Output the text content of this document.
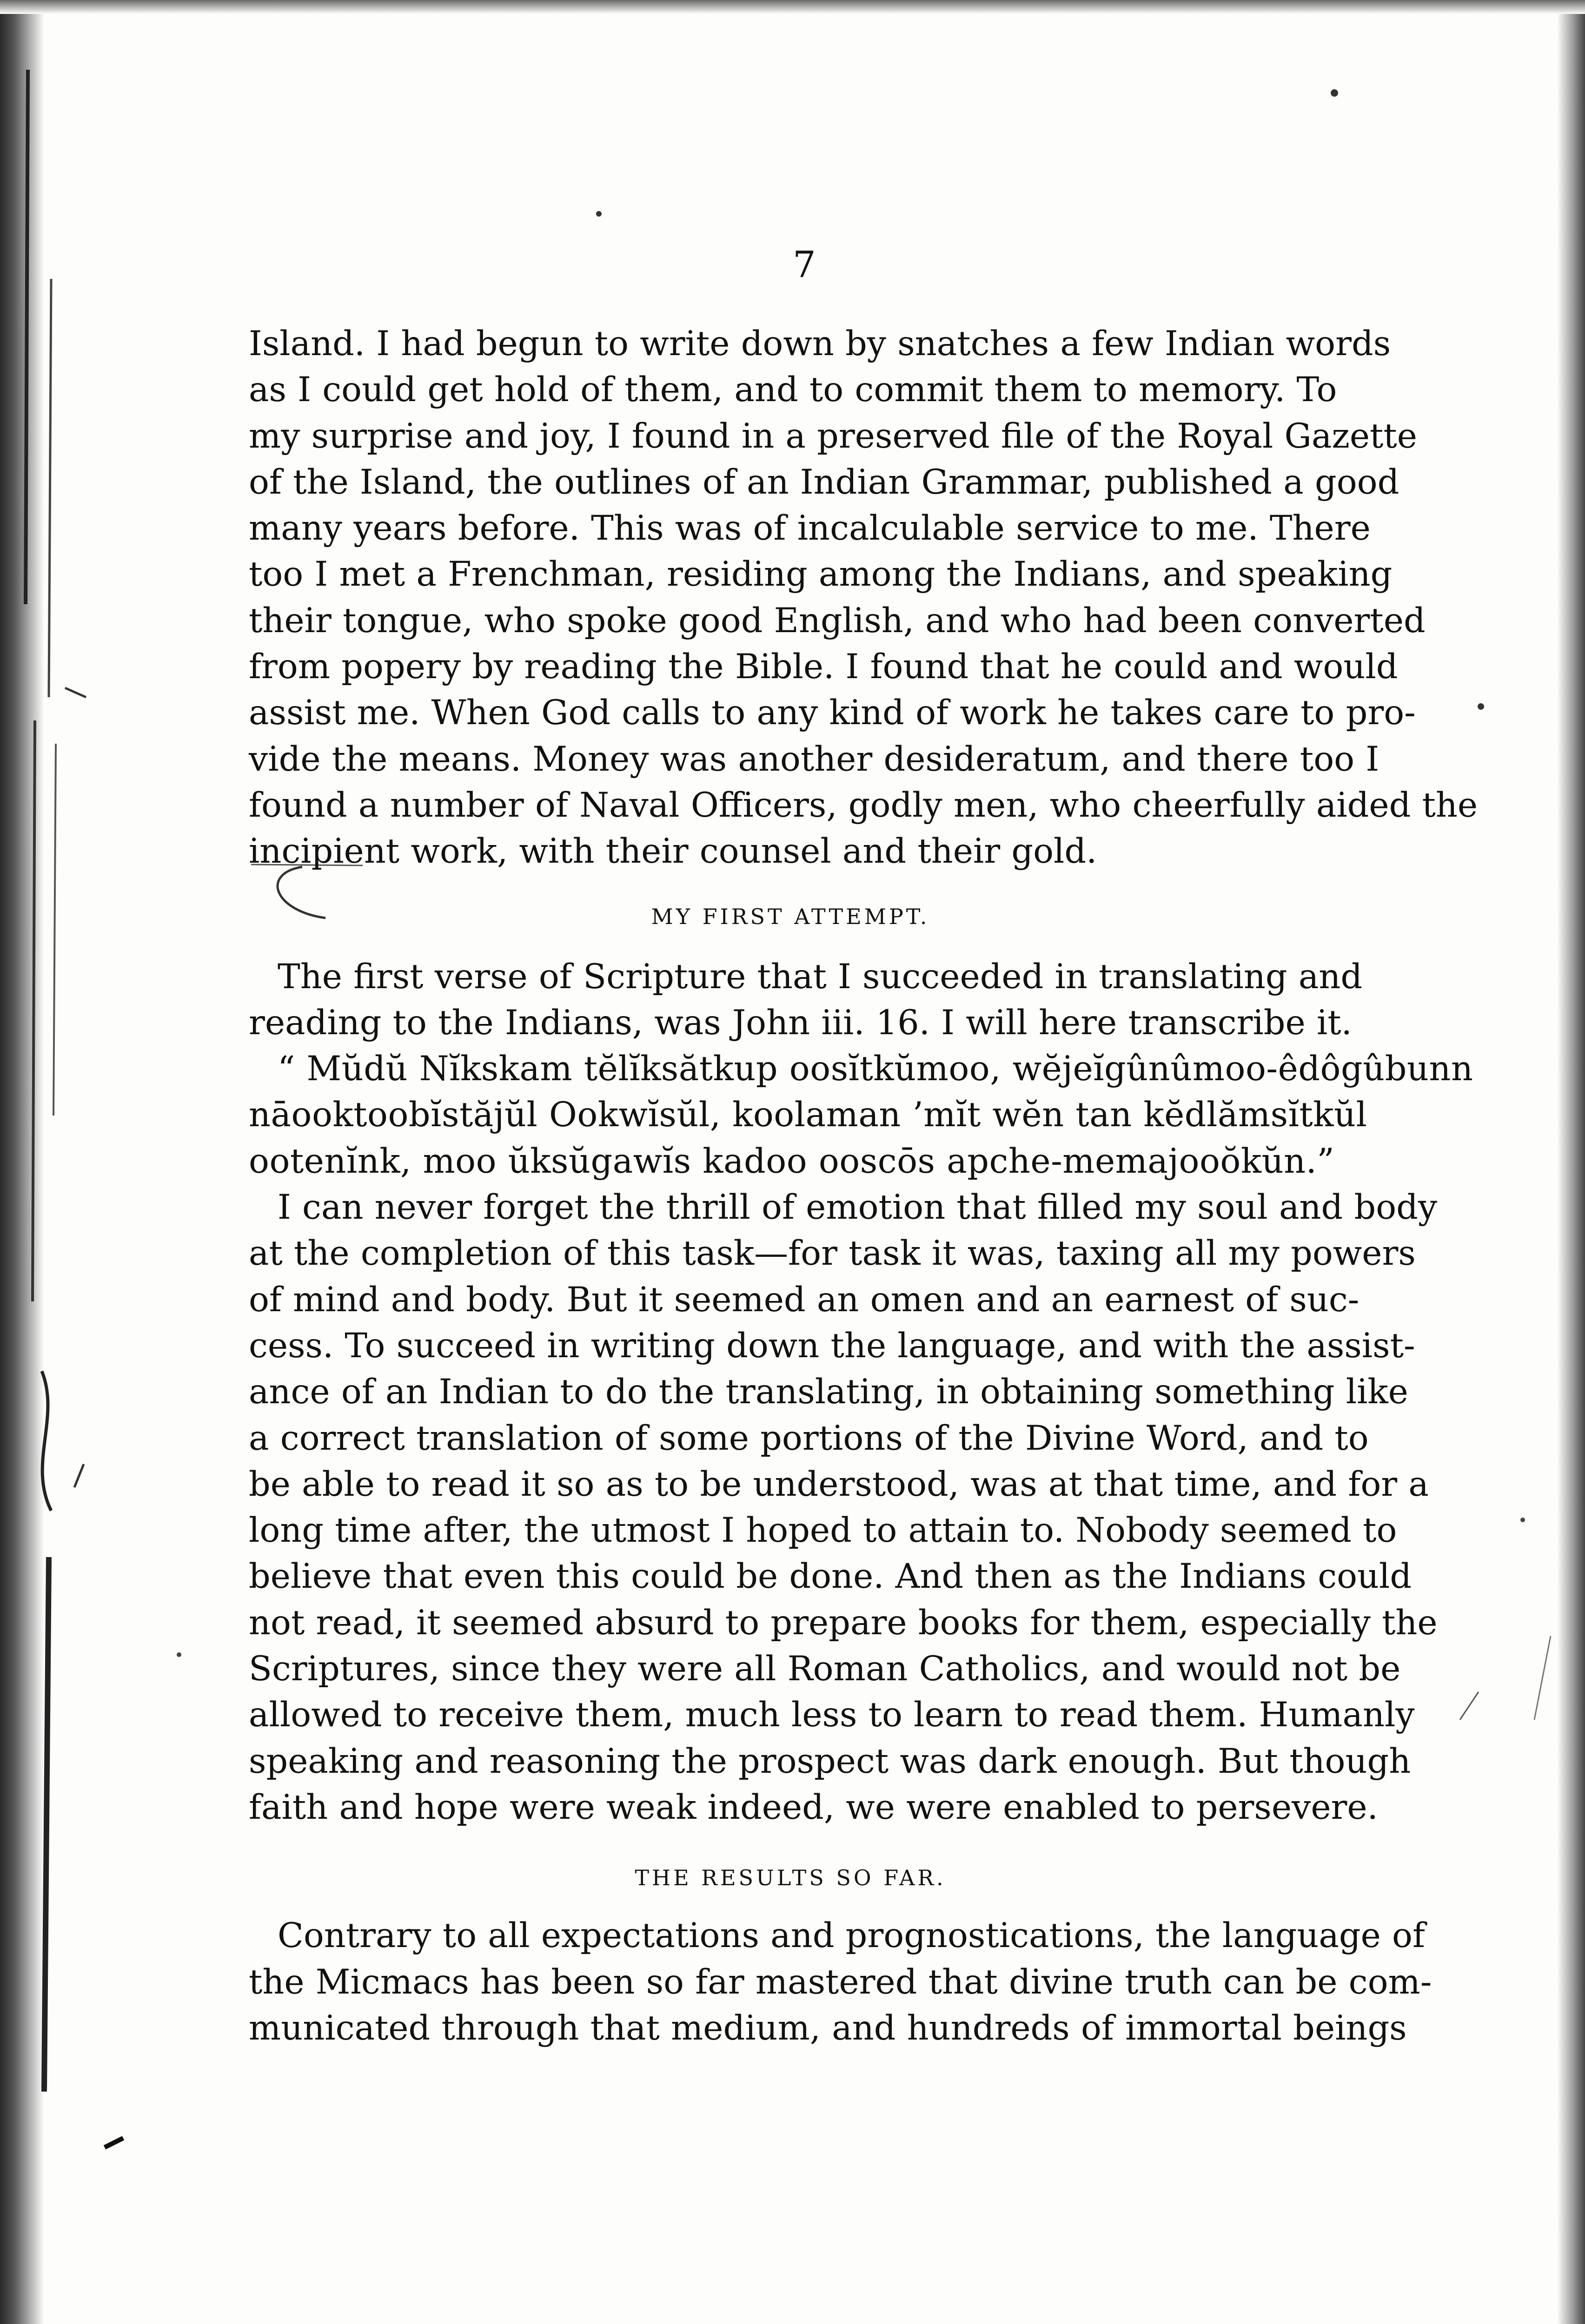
7
Island. I had begun to write down by snatches a few Indian words
as I could get hold of them, and to commit them to memory. To
my surprise and joy, I found in a preserved file of the Royal Gazette
of the Island, the outlines of an Indian Grammar, published a good
many years before. This was of incalculable service to me. There
too I met a Frenchman, residing among the Indians, and speaking
their tongue, who spoke good English, and who had been converted
from popery by reading the Bible. I found that he could and would
assist me. When God calls to any kind of work he takes care to pro-
vide the means. Money was another desideratum, and there too I
found a number of Naval Officers, godly men, who cheerfully aided the
incipient work, with their counsel and their gold.
MY FIRST ATTEMPT.
The first verse of Scripture that I succeeded in translating and
reading to the Indians, was John iii. 16. I will here transcribe it.
“ Mŭdŭ Nĭkskam tĕlĭksătkup oosĭtkŭmoo, wĕjeĭgûnûmoo-êdôgûbunn
nāooktoobĭstăjŭl Ookwĭsŭl, koolaman ’mĭt wĕn tan kĕdlămsĭtkŭl
ootenĭnk, moo ŭksŭgawĭs kadoo ooscōs apche-memajooŏkŭn.”
I can never forget the thrill of emotion that filled my soul and body
at the completion of this task—for task it was, taxing all my powers
of mind and body. But it seemed an omen and an earnest of suc-
cess. To succeed in writing down the language, and with the assist-
ance of an Indian to do the translating, in obtaining something like
a correct translation of some portions of the Divine Word, and to
be able to read it so as to be understood, was at that time, and for a
long time after, the utmost I hoped to attain to. Nobody seemed to
believe that even this could be done. And then as the Indians could
not read, it seemed absurd to prepare books for them, especially the
Scriptures, since they were all Roman Catholics, and would not be
allowed to receive them, much less to learn to read them. Humanly
speaking and reasoning the prospect was dark enough. But though
faith and hope were weak indeed, we were enabled to persevere.
THE RESULTS SO FAR.
Contrary to all expectations and prognostications, the language of
the Micmacs has been so far mastered that divine truth can be com-
municated through that medium, and hundreds of immortal beings
